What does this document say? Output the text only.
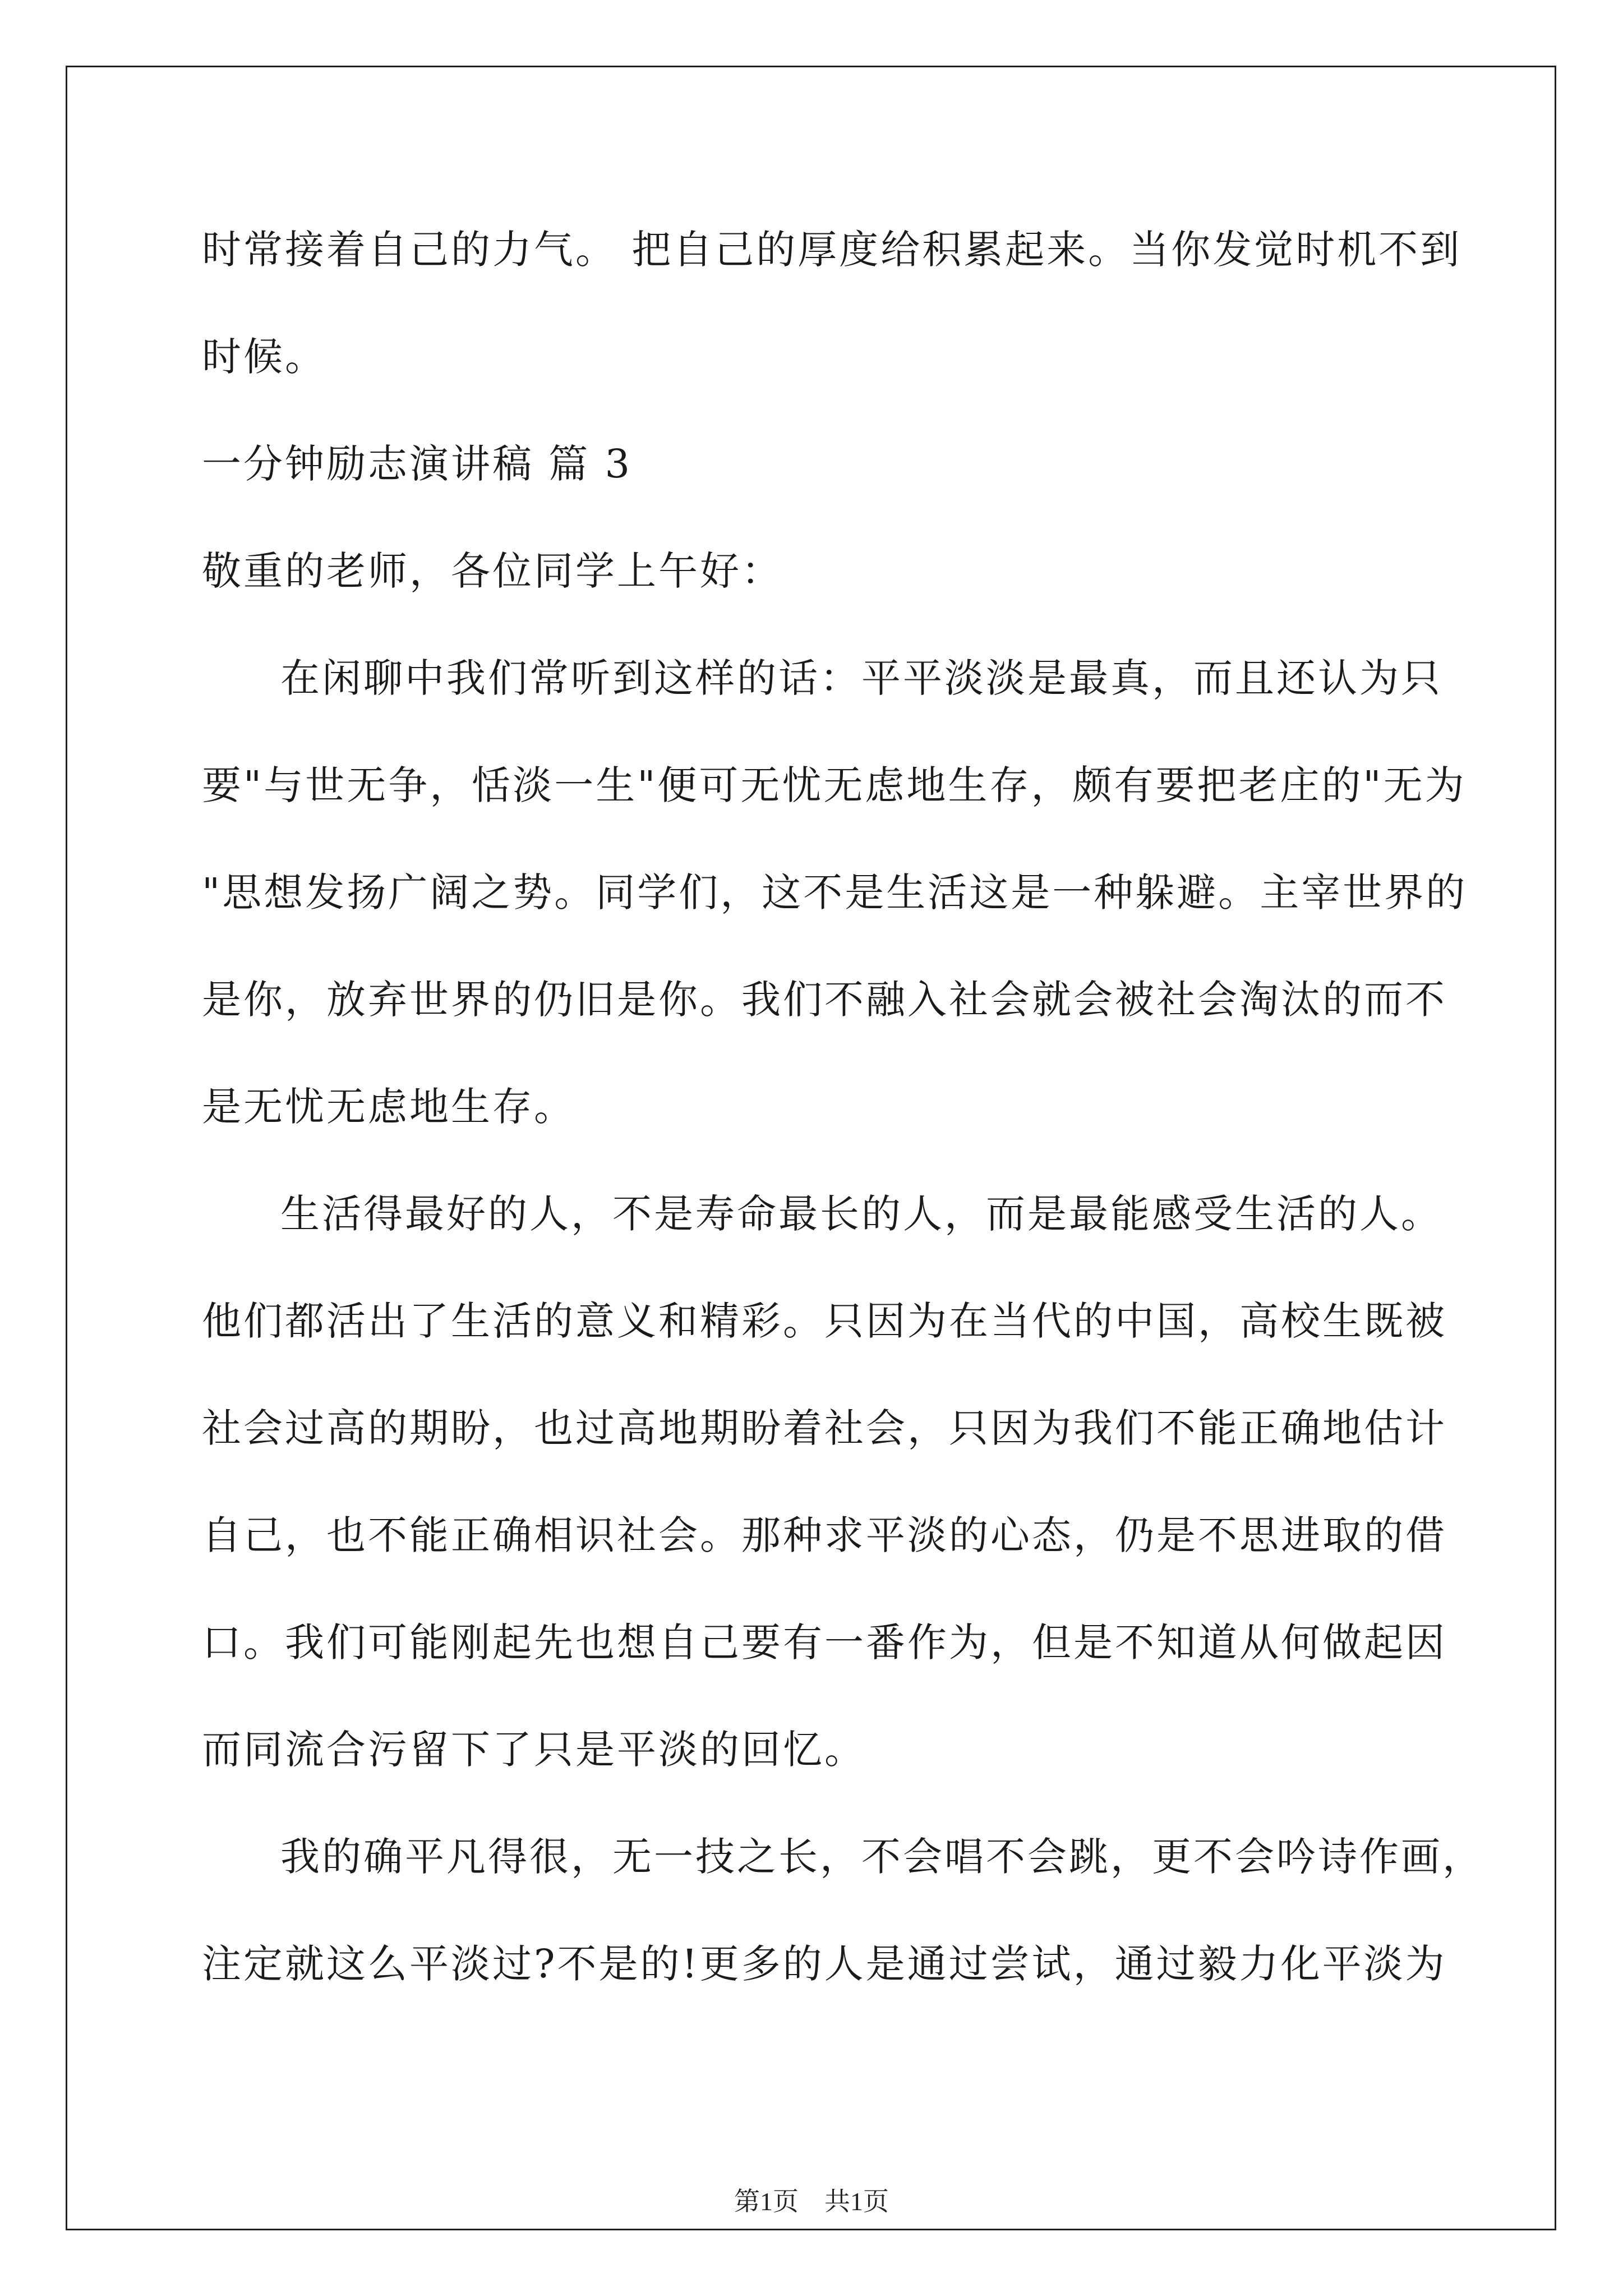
时常接着自己的力气。 把自己的厚度给积累起来。当你发觉时机不到
时候。
一分钟励志演讲稿 篇 3
敬重的老师，各位同学上午好：
在闲聊中我们常听到这样的话：平平淡淡是最真，而且还认为只
要"与世无争，恬淡一生"便可无忧无虑地生存，颇有要把老庄的"无为
"思想发扬广阔之势。同学们，这不是生活这是一种躲避。主宰世界的
是你，放弃世界的仍旧是你。我们不融入社会就会被社会淘汰的而不
是无忧无虑地生存。
生活得最好的人，不是寿命最长的人，而是最能感受生活的人。
他们都活出了生活的意义和精彩。只因为在当代的中国，高校生既被
社会过高的期盼，也过高地期盼着社会，只因为我们不能正确地估计
自己，也不能正确相识社会。那种求平淡的心态，仍是不思进取的借
口。我们可能刚起先也想自己要有一番作为，但是不知道从何做起因
而同流合污留下了只是平淡的回忆。
我的确平凡得很，无一技之长，不会唱不会跳，更不会吟诗作画，
注定就这么平淡过?不是的!更多的人是通过尝试，通过毅力化平淡为
第1页　共1页
